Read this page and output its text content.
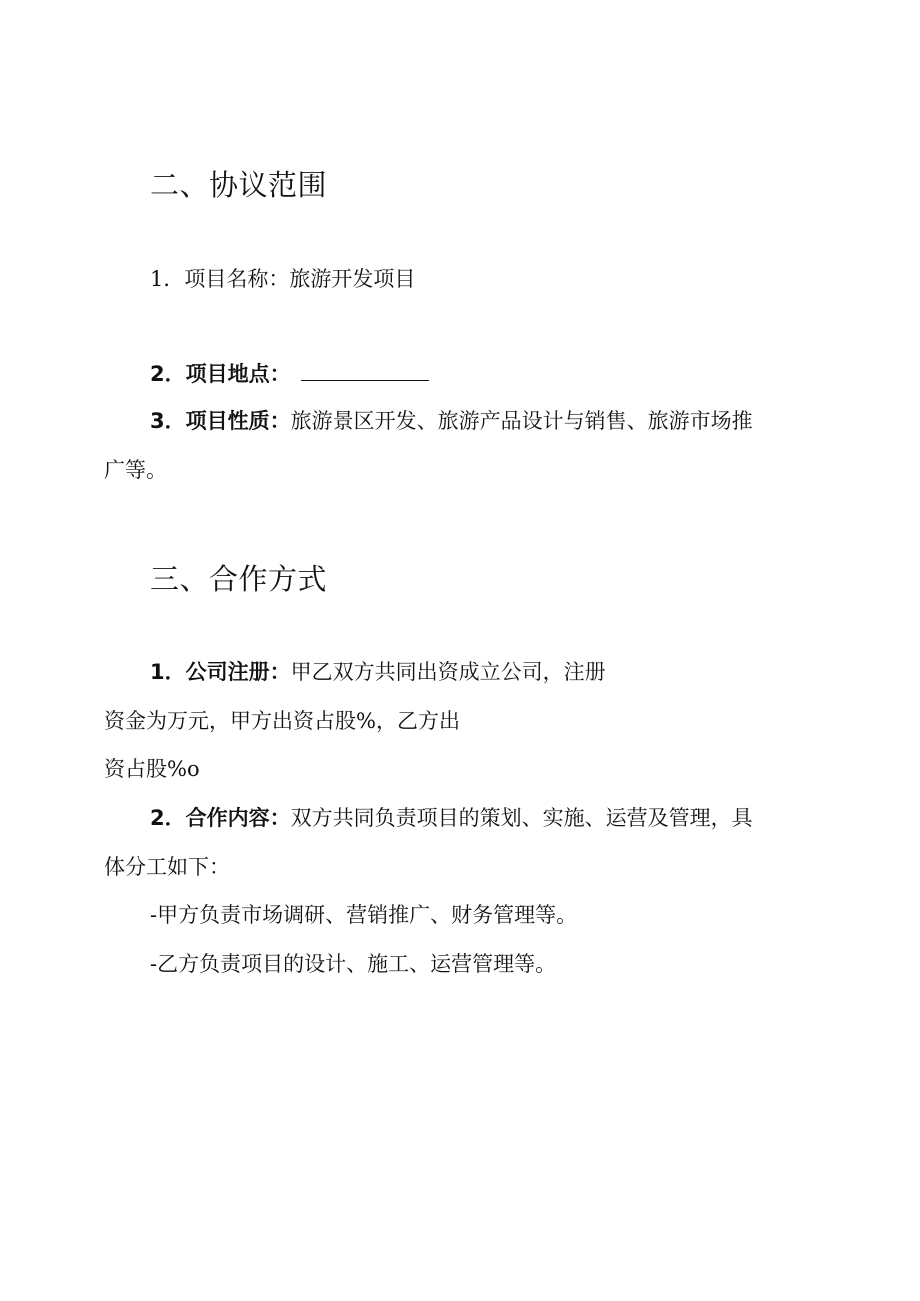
二、协议范围
1．项目名称：旅游开发项目
2．项目地点：
3．项目性质：旅游景区开发、旅游产品设计与销售、旅游市场推
广等。
三、合作方式
1．公司注册：甲乙双方共同出资成立公司，注册
资金为万元，甲方出资占股%，乙方出
资占股%o
2．合作内容：双方共同负责项目的策划、实施、运营及管理，具
体分工如下：
-甲方负责市场调研、营销推广、财务管理等。
-乙方负责项目的设计、施工、运营管理等。
